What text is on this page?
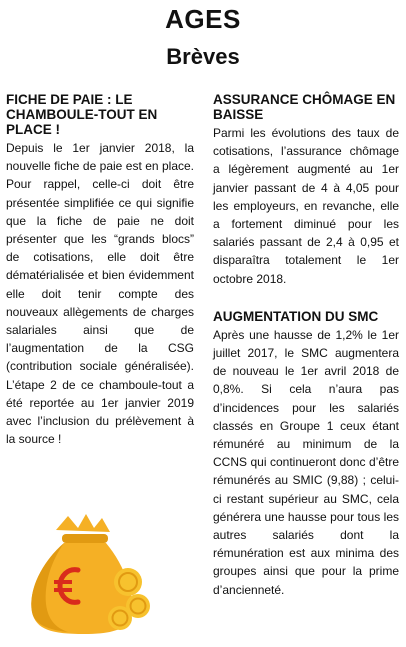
AGES
Brèves
FICHE DE PAIE : LE CHAMBOULE-TOUT EN PLACE !

Depuis le 1er janvier 2018, la nouvelle fiche de paie est en place. Pour rappel, celle-ci doit être présentée simplifiée ce qui signifie que la fiche de paie ne doit présenter que les “grands blocs” de cotisations, elle doit être dématérialisée et bien évidemment elle doit tenir compte des nouveaux allègements de charges salariales ainsi que de l’augmentation de la CSG (contribution sociale généralisée). L’étape 2 de ce chamboule-tout a été reportée au 1er janvier 2019 avec l’inclusion du prélèvement à la source !

ASSURANCE CHÔMAGE EN BAISSE

Parmi les évolutions des taux de cotisations, l’assurance chômage a légèrement augmenté au 1er janvier passant de 4 à 4,05 pour les employeurs, en revanche, elle a fortement diminué pour les salariés passant de 2,4 à 0,95 et disparaîtra totalement le 1er octobre 2018.

AUGMENTATION DU SMC

Après une hausse de 1,2% le 1er juillet 2017, le SMC augmentera de nouveau le 1er avril 2018 de 0,8%. Si cela n’aura pas d’incidences pour les salariés classés en Groupe 1 ceux étant rémunéré au minimum de la CCNS qui continueront donc d’être rémunérés au SMIC (9,88) ; celui-ci restant supérieur au SMC, cela générera une hausse pour tous les autres salariés dont la rémunération est aux minima des groupes ainsi que pour la prime d’ancienneté.
